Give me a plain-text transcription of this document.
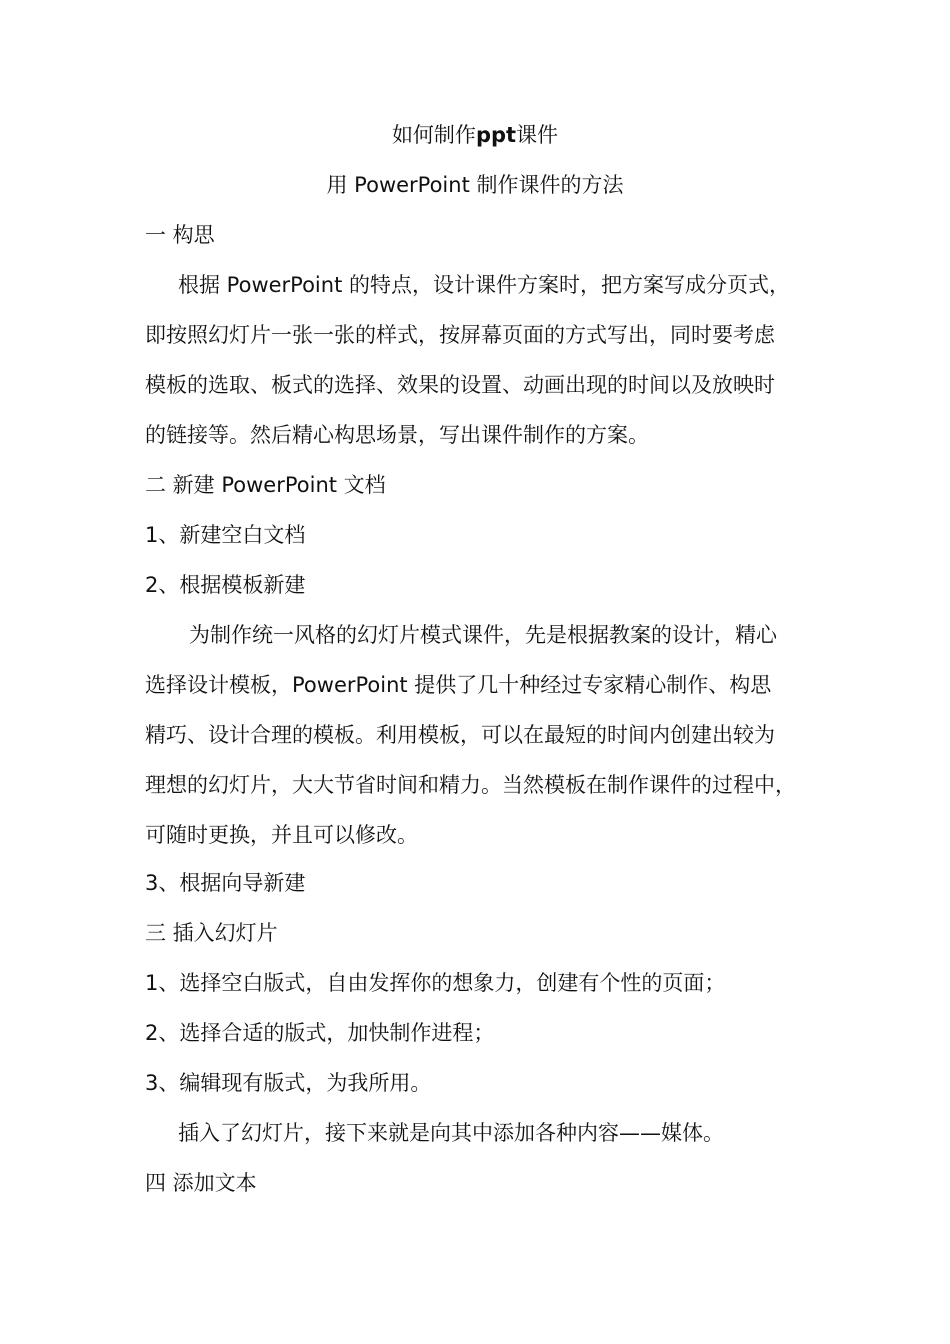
如何制作ppt课件
用 PowerPoint 制作课件的方法
一 构思
根据 PowerPoint 的特点，设计课件方案时，把方案写成分页式，
即按照幻灯片一张一张的样式，按屏幕页面的方式写出，同时要考虑
模板的选取、板式的选择、效果的设置、动画出现的时间以及放映时
的链接等。然后精心构思场景，写出课件制作的方案。
二 新建 PowerPoint 文档
1、新建空白文档
2、根据模板新建
为制作统一风格的幻灯片模式课件，先是根据教案的设计，精心
选择设计模板，PowerPoint 提供了几十种经过专家精心制作、构思
精巧、设计合理的模板。利用模板，可以在最短的时间内创建出较为
理想的幻灯片，大大节省时间和精力。当然模板在制作课件的过程中，
可随时更换，并且可以修改。
3、根据向导新建
三 插入幻灯片
1、选择空白版式，自由发挥你的想象力，创建有个性的页面；
2、选择合适的版式，加快制作进程；
3、编辑现有版式，为我所用。
插入了幻灯片，接下来就是向其中添加各种内容——媒体。
四 添加文本
